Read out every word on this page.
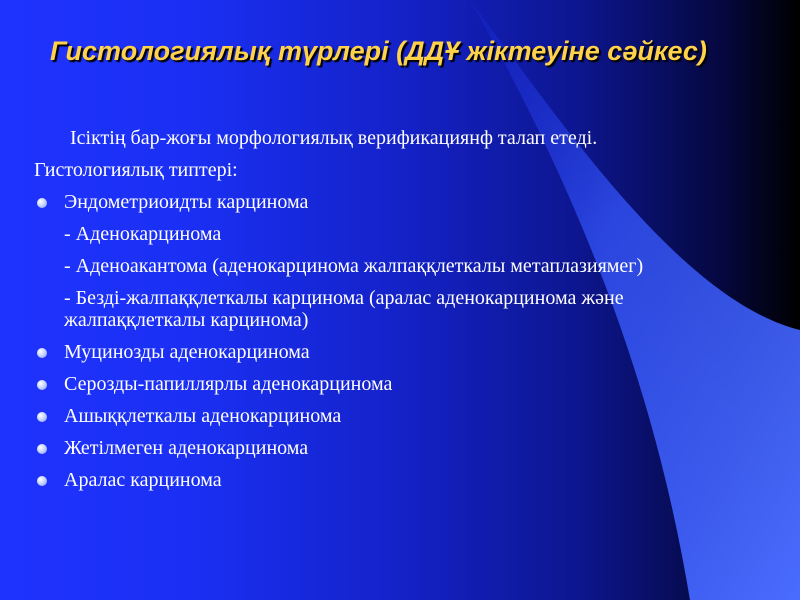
Гистологиялық түрлері (ДДҰ жіктеуіне сәйкес)

Ісіктің бар-жоғы морфологиялық верификациянф талап етеді.

Гистологиялық типтері:

Эндометриоидты карцинома

- Аденокарцинома

- Аденоакантома (аденокарцинома жалпаққлеткалы метаплазиямег)

- Безді-жалпаққлеткалы карцинома (аралас аденокарцинома және жалпаққлеткалы карцинома)

Муцинозды аденокарцинома

Серозды-папиллярлы аденокарцинома

Ашыққлеткалы аденокарцинома

Жетілмеген аденокарцинома

Аралас карцинома
